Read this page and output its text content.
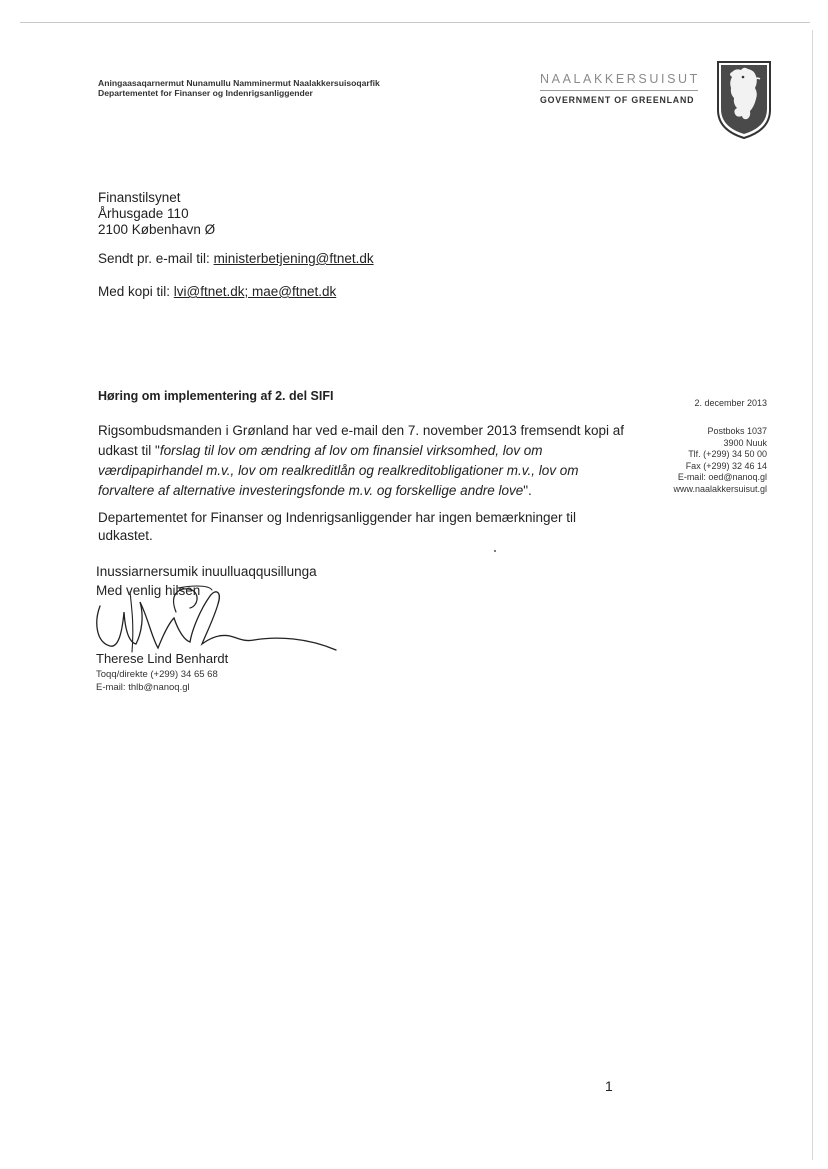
Aningaasaqarnermut Nunamullu Namminermut Naalakkersuisoqarfik
Departementet for Finanser og Indenrigsanliggender
NAALAKKERSUISUT
GOVERNMENT OF GREENLAND
Finanstilsynet
Århusgade 110
2100 København Ø
Sendt pr. e-mail til: ministerbetjening@ftnet.dk
Med kopi til: lvi@ftnet.dk; mae@ftnet.dk
Høring om implementering af 2. del SIFI
Rigsombudsmanden i Grønland har ved e-mail den 7. november 2013 fremsendt kopi af udkast til "forslag til lov om ændring af lov om finansiel virksomhed, lov om værdipapirhandel m.v., lov om realkreditlån og realkreditobligationer m.v., lov om forvaltere af alternative investeringsfonde m.v. og forskellige andre love".
Departementet for Finanser og Indenrigsanliggender har ingen bemærkninger til udkastet.
2. december 2013
Postboks 1037
3900 Nuuk
Tlf. (+299) 34 50 00
Fax (+299) 32 46 14
E-mail: oed@nanoq.gl
www.naalakkersuisut.gl
Inussiarnersumik inuulluaqqusillunga
Med venlig hilsen
Therese Lind Benhardt
Toqq/direkte (+299) 34 65 68
E-mail: thlb@nanoq.gl
1
